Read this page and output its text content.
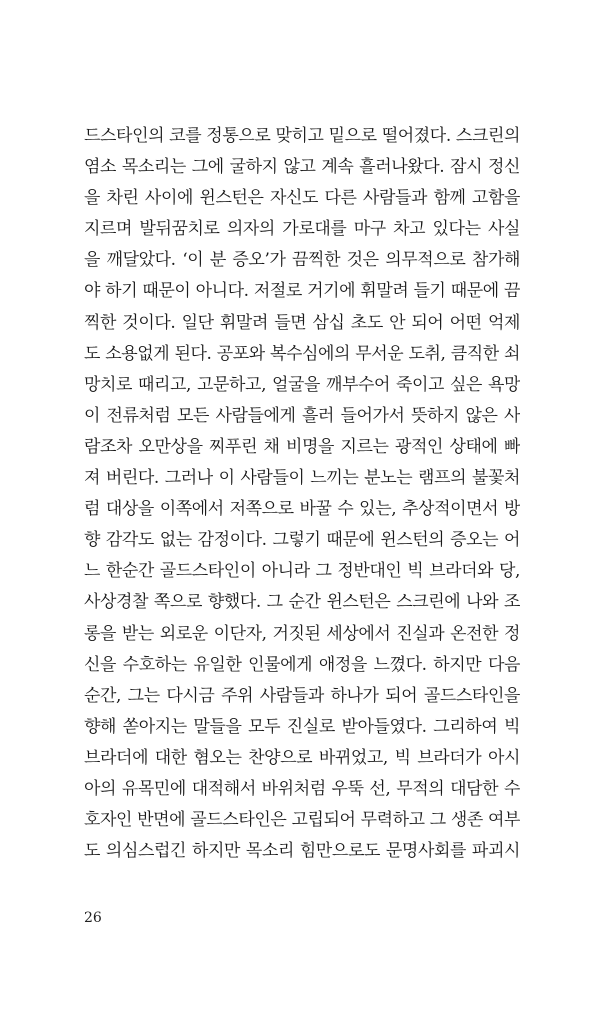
드스타인의 코를 정통으로 맞히고 밑으로 떨어졌다. 스크린의
염소 목소리는 그에 굴하지 않고 계속 흘러나왔다. 잠시 정신
을 차린 사이에 윈스턴은 자신도 다른 사람들과 함께 고함을
지르며 발뒤꿈치로 의자의 가로대를 마구 차고 있다는 사실
을 깨달았다. ‘이 분 증오’가 끔찍한 것은 의무적으로 참가해
야 하기 때문이 아니다. 저절로 거기에 휘말려 들기 때문에 끔
찍한 것이다. 일단 휘말려 들면 삼십 초도 안 되어 어떤 억제
도 소용없게 된다. 공포와 복수심에의 무서운 도취, 큼직한 쇠
망치로 때리고, 고문하고, 얼굴을 깨부수어 죽이고 싶은 욕망
이 전류처럼 모든 사람들에게 흘러 들어가서 뜻하지 않은 사
람조차 오만상을 찌푸린 채 비명을 지르는 광적인 상태에 빠
져 버린다. 그러나 이 사람들이 느끼는 분노는 램프의 불꽃처
럼 대상을 이쪽에서 저쪽으로 바꿀 수 있는, 추상적이면서 방
향 감각도 없는 감정이다. 그렇기 때문에 윈스턴의 증오는 어
느 한순간 골드스타인이 아니라 그 정반대인 빅 브라더와 당,
사상경찰 쪽으로 향했다. 그 순간 윈스턴은 스크린에 나와 조
롱을 받는 외로운 이단자, 거짓된 세상에서 진실과 온전한 정
신을 수호하는 유일한 인물에게 애정을 느꼈다. 하지만 다음
순간, 그는 다시금 주위 사람들과 하나가 되어 골드스타인을
향해 쏟아지는 말들을 모두 진실로 받아들였다. 그리하여 빅
브라더에 대한 혐오는 찬양으로 바뀌었고, 빅 브라더가 아시
아의 유목민에 대적해서 바위처럼 우뚝 선, 무적의 대담한 수
호자인 반면에 골드스타인은 고립되어 무력하고 그 생존 여부
도 의심스럽긴 하지만 목소리 힘만으로도 문명사회를 파괴시
26
